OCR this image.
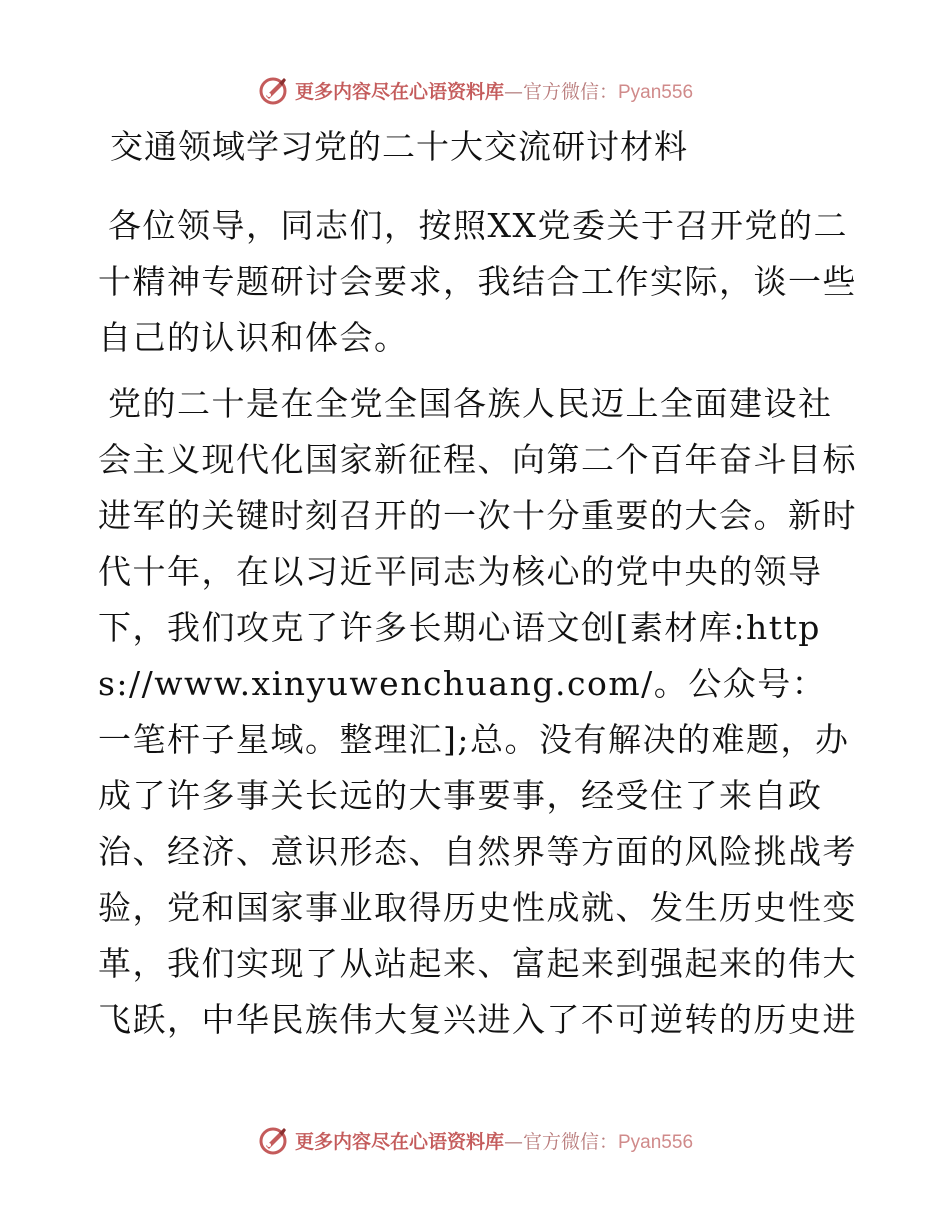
更多内容尽在心语资料库—官方微信：Pyan556
交通领域学习党的二十大交流研讨材料

各位领导，同志们，按照XX党委关于召开党的二十精神专题研讨会要求，我结合工作实际，谈一些自己的认识和体会。

党的二十是在全党全国各族人民迈上全面建设社会主义现代化国家新征程、向第二个百年奋斗目标进军的关键时刻召开的一次十分重要的大会。新时代十年，在以习近平同志为核心的党中央的领导下，我们攻克了许多长期心语文创[素材库:https://www.xinyuwenchuang.com/。公众号：一笔杆子星域。整理汇];总。没有解决的难题，办成了许多事关长远的大事要事，经受住了来自政治、经济、意识形态、自然界等方面的风险挑战考验，党和国家事业取得历史性成就、发生历史性变革，我们实现了从站起来、富起来到强起来的伟大飞跃，中华民族伟大复兴进入了不可逆转的历史进

更多内容尽在心语资料库—官方微信：Pyan556
